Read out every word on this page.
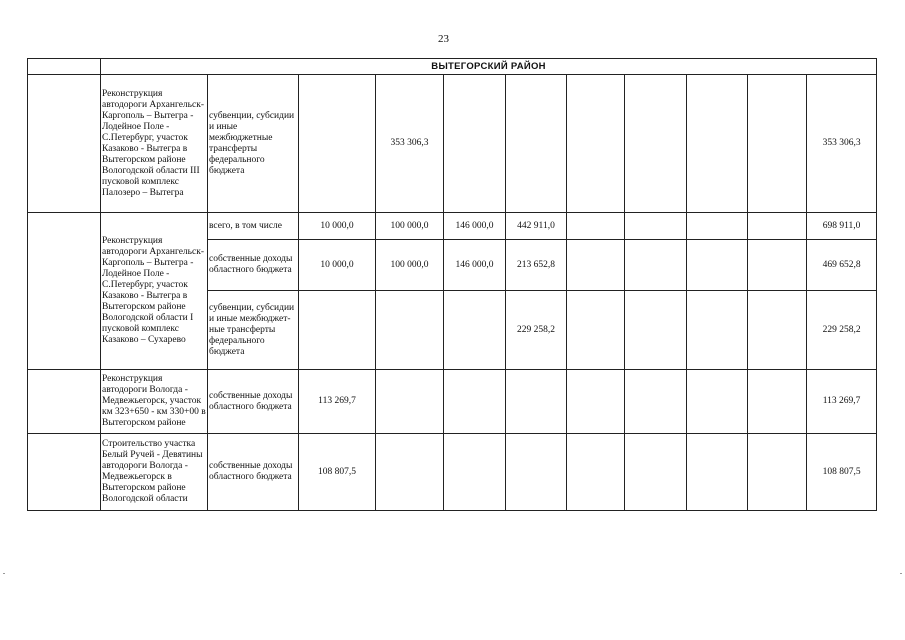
23
	ВЫТЕГОРСКИЙ РАЙОН										
	Реконструкция автодороги Архангельск-Каргополь – Вытегра - Лодейное Поле - С.Петербург, участок Казаково - Вытегра в Вытегорском районе Вологодской области III пусковой комплекс Палозеро – Вытегра	субвенции, субсидии и иные межбюджетные трансферты федерального бюджета		353 306,3							353 306,3
	Реконструкция автодороги Архангельск-Каргополь – Вытегра - Лодейное Поле - С.Петербург, участок Казаково - Вытегра в Вытегорском районе Вологодской области I пусковой комплекс Казаково – Сухарево	всего, в том числе	10 000,0	100 000,0	146 000,0	442 911,0					698 911,0
		собственные доходы областного бюджета	10 000,0	100 000,0	146 000,0	213 652,8					469 652,8
		субвенции, субсидии и иные межбюджет-ные трансферты федерального бюджета				229 258,2					229 258,2
	Реконструкция автодороги Вологда - Медвежьегорск, участок км 323+650 - км 330+00 в Вытегорском районе	собственные доходы областного бюджета	113 269,7								113 269,7
	Строительство участка Белый Ручей - Девятины автодороги Вологда - Медвежьегорск в Вытегорском районе Вологодской области	собственные доходы областного бюджета	108 807,5								108 807,5
